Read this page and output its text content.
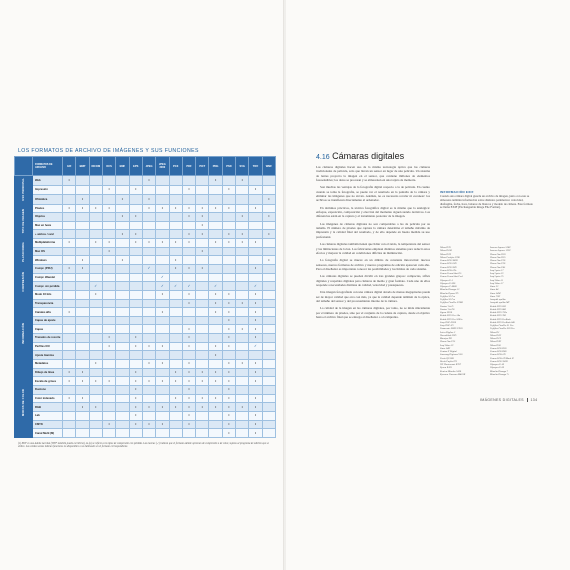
LOS FORMATOS DE ARCHIVO DE IMÁGENES Y SUS FUNCIONES
	FORMATOS DE ARCHIVO	GIF	BMP	DICOM	DCS	EMF	EPS	JPEG	JPEG 2000	PCX	PDF	PICT	PNG	PSD	SVG	TIFF	WMF

USO PRINCIPAL	Web	•						•					•		•		
	Impresión				•		•				•			•		•	
	Ofimática		•			•		•									•

TIPO DE IMAGEN	Píxeles	•	•	•	•			•	•	•	•	•	•	•		•	
	Objetos					•	•				•	•			•		•
	Mac en hexa											•					
	+ ambos / oval					•	•				•	•		•	•		•

PLATAFORMA	Multiplataforma	•		•	•		•	•	•	•	•		•	•	•	•	
	Mac OS				•							•					
	Windows		•			•				•							•

COMPRESIÓN	Compr. (PDU)	•	•					✓		•	•	•				•	
	Compr. Wavelet								✓								
	Compr. sin pérdida			✓					✓	✓	✓		✓			✓	
	Modo 16 bits			•					•		•		•	•		•	

INFORMACIÓN	Transparencia										•		•	•	•	•	
	Canales alfa	•							•				•	•		•	
	Capas de ajuste													•		•	
	Capas										•			•	•	•	
	Trazados de recorte				•		•				•			•		•	
	Perfiles ICC				•		•	•	•		•		•	•		✓	
	Ajuste Gamma												•				
	Metadatos			•				•	•		•			•	•	•	

MODOS DE COLOR	Dibujo de línea	•	•				•			•	•	•	•	•		•	
	Escala de grises	•	•	•	•		•	•	•	•	•	•	•	•		•	
	Duotono						•				•			•			
	Color indexado	•	•				•			•	•	•	•	•		•	
	RGB		•	•			•	•	•	•	•	•	•	•	•	•	
	Lab						•				•			•		•	
	CMYK				•		•	•	•		•			•		•	
	Canal Multi (M)													•		•	
(1) PDF es una Adobe Acrobat (TIFF también puede escribirse), la (a) se refiere a los tipos de compresión con pérdida. Las marcas (✓) indican que el formato admite opciones de compresión o de color, sujetas al programa de edición que se utilice. Las celdas vacías indican funciones no disponibles o no habituales en el formato correspondiente.
4.16 Cámaras digitales

Las cámaras digitales hacen uso de la misma tecnología óptica que las cámaras tradicionales de película, sólo que llevan un sensor en lugar de una película. Un sistema de lentes proyecta la imagen en el sensor, que contiene millones de elementos fotosensibles; los datos se procesan y se almacenan en una tarjeta de memoria.

Son muchas las ventajas de la fotografía digital respecto a la de película. En cuanto cuando se toma la fotografía, se puede ver el resultado en la pantalla de la cámara y eliminar las imágenes que no sirvan. Además, no es necesario revelar ni escanear: los archivos se transfieren directamente al ordenador.

En términos prácticos, la técnica fotográfica digital es la misma que la analógica: enfoque, exposición, composición y elección del momento siguen siendo decisivos. Las diferencias están en la captura y el tratamiento posterior de la imagen.

Las imágenes de cámaras digitales no son comparables a las de película por su tamaño. El número de píxeles que captura la cámara determina el tamaño máximo de impresión y la calidad final del resultado, y de ello depende en buena medida su uso profesional.

Las cámaras digitales también tienen que lidiar con el ruido, la temperatura del sensor y las limitaciones de la luz. Los fabricantes emplean distintos sistemas para reducir estos efectos y mejorar la calidad en condiciones difíciles de iluminación.

La fotografía digital se mueve en un ámbito de constante innovación: nuevos sensores, nuevos formatos de archivo y nuevos programas de edición aparecen cada año. Para el diseñador es importante conocer las posibilidades y los límites de cada sistema.

Las cámaras digitales se pueden dividir en tres grandes grupos: compactas, réflex digitales y respaldos digitales para cámaras de medio y gran formato. Cada uno de ellos responde a necesidades distintas de calidad, velocidad y presupuesto.

Una imagen fotografiada con una cámara digital dotada de menos megapíxeles puede ser de mayor calidad que otra con más, ya que la calidad depende también de la óptica, del tamaño del sensor y del procesamiento interno de la cámara.

La calidad de la imagen en las cámaras digitales, por tanto, no se mide únicamente por el número de píxeles, sino por el conjunto de la cadena de captura, desde el objetivo hasta el archivo final que se entrega al diseñador o a la imprenta.

INFORMACIÓN EXIF
Cuando una cámara digital guarda un archivo de imagen, junto con este se almacena también información sobre distintos parámetros: velocidad, diafragma, fecha, hora, balance de blancos y modelo de cámara. Este formato se llama EXIF (Exchangeable Image File Format).
Nikon D70
Nikon D100
Nikon D2X
Nikon Coolpix 5700
Canon EOS 300D
Canon EOS 10D
Canon EOS 20D
Canon EOS-1Ds
Canon PowerShot G5
Canon PowerShot Pro1
Olympus E-1
Olympus E-300
Olympus C-8080
Minolta Dimage A2
Minolta Dynax 7D
Fujifilm S2 Pro
Fujifilm S3 Pro
Fujifilm FinePix S7000
Pentax *ist D
Pentax *ist DS
Sigma SD10
Kodak DCS Pro 14n
Kodak DCS Pro SLR/n
Sony DSC-F828
Sony DSC-V3
Panasonic DMC-FZ20
Leica Digilux 2
Hasselblad H1D
Mamiya ZD
Phase One P25
Leaf Valeo 22
Sinar 54H
Contax N Digital
Samsung Digimax V50
Casio QV-R61
Ricoh Caplio GX
HP Photosmart R707
Epson R-D1
Konica Minolta A200
Kyocera Finecam M410R
Imacon Ixpress 528C
Imacon Ixpress 132C
Phase One H20
Phase One H25
Phase One P20
Phase One P30
Phase One P45
Leaf Aptus 17
Leaf Aptus 22
Leaf Aptus 75
Leaf Valeo 11
Leaf Valeo 17
Sinar 22
Sinar 44
Sinar 54M
Sinar 75H
Jenoptik eyelike
Jenoptik eyelike MF
Kodak DCS 620
Kodak DCS 660
Kodak DCS 720x
Kodak DCS 760
Kodak DCS ProBack
Kodak DCS ProBack 645
Fujifilm FinePix S1 Pro
Fujifilm FinePix S20 Pro
Nikon D1
Nikon D1H
Nikon D1X
Nikon D2H
Nikon D50
Canon EOS D30
Canon EOS D60
Canon EOS-1D
Canon EOS-1D Mark II
Canon EOS 350D
Olympus E-10
Olympus E-20
Minolta Dimage 7
Minolta Dimage 7i
IMÁGENES DIGITALES 134
